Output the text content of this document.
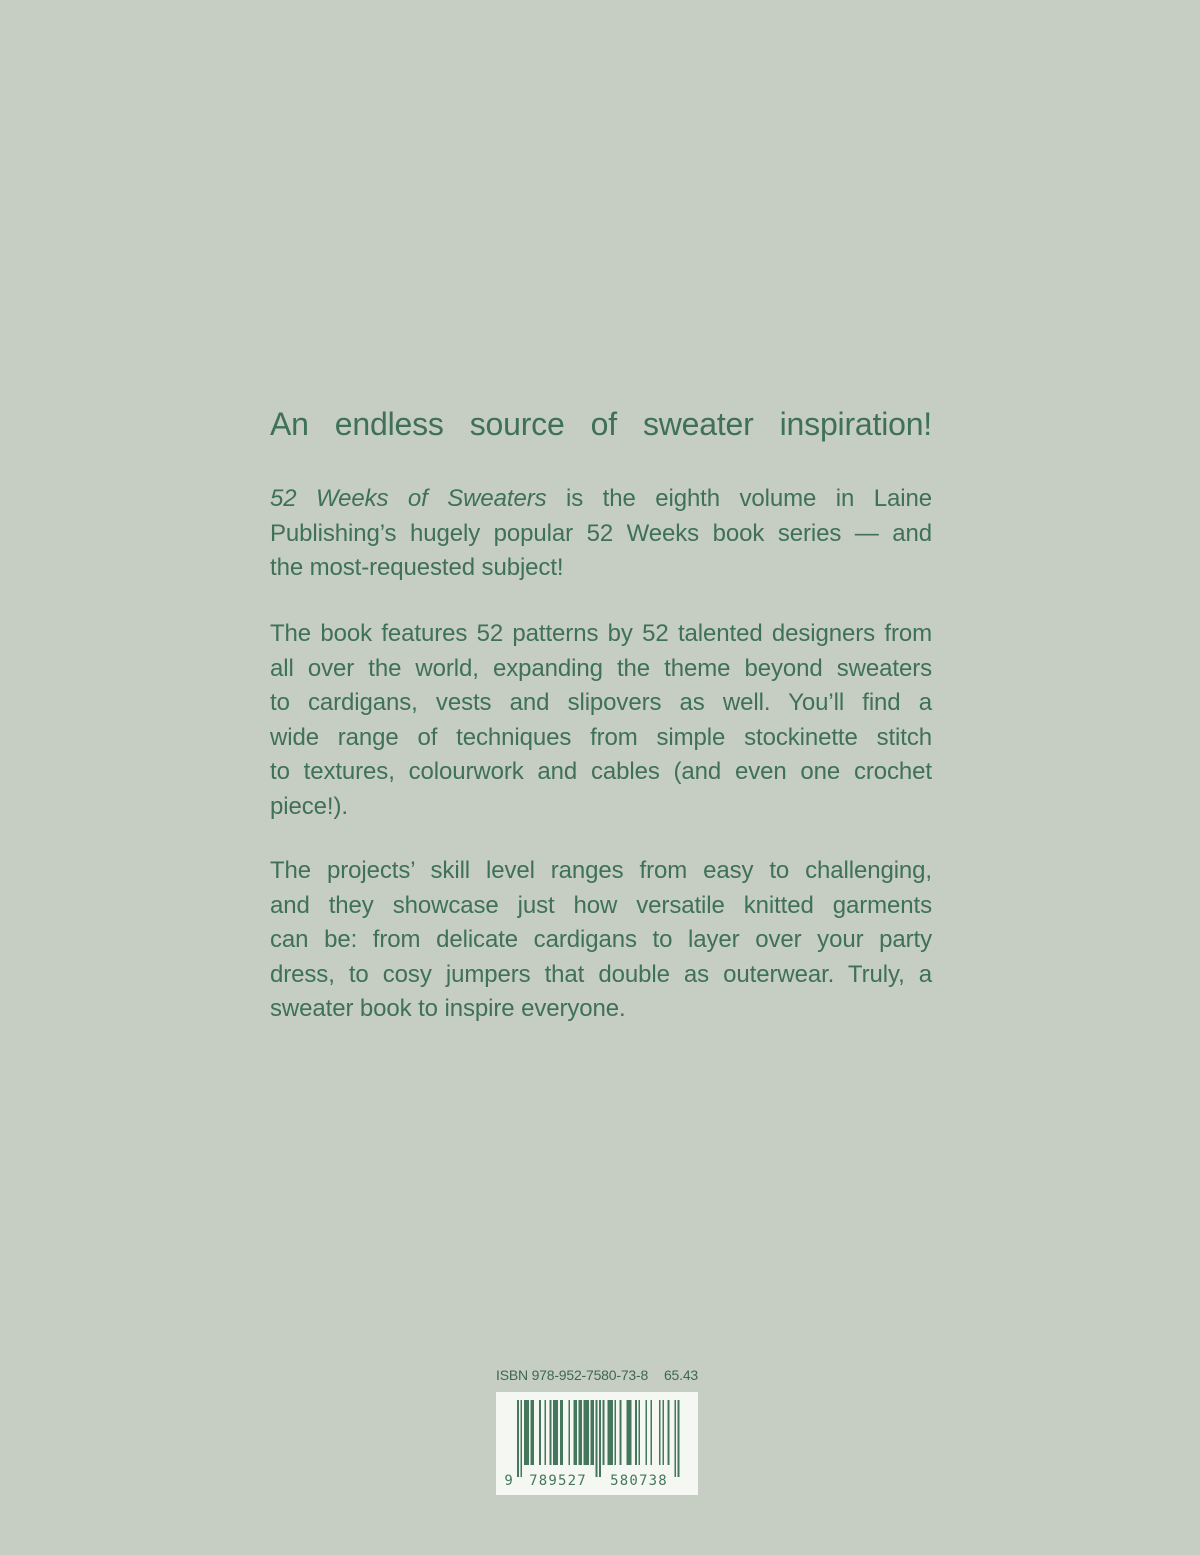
An endless source of sweater inspiration!
52 Weeks of Sweaters is the eighth volume in Laine
Publishing’s hugely popular 52 Weeks book series — and
the most-requested subject!
The book features 52 patterns by 52 talented designers from
all over the world, expanding the theme beyond sweaters
to cardigans, vests and slipovers as well. You’ll find a
wide range of techniques from simple stockinette stitch
to textures, colourwork and cables (and even one crochet
piece!).
The projects’ skill level ranges from easy to challenging,
and they showcase just how versatile knitted garments
can be: from delicate cardigans to layer over your party
dress, to cosy jumpers that double as outerwear. Truly, a
sweater book to inspire everyone.
ISBN 978-952-7580-73-8 65.43
9 789527 580738
